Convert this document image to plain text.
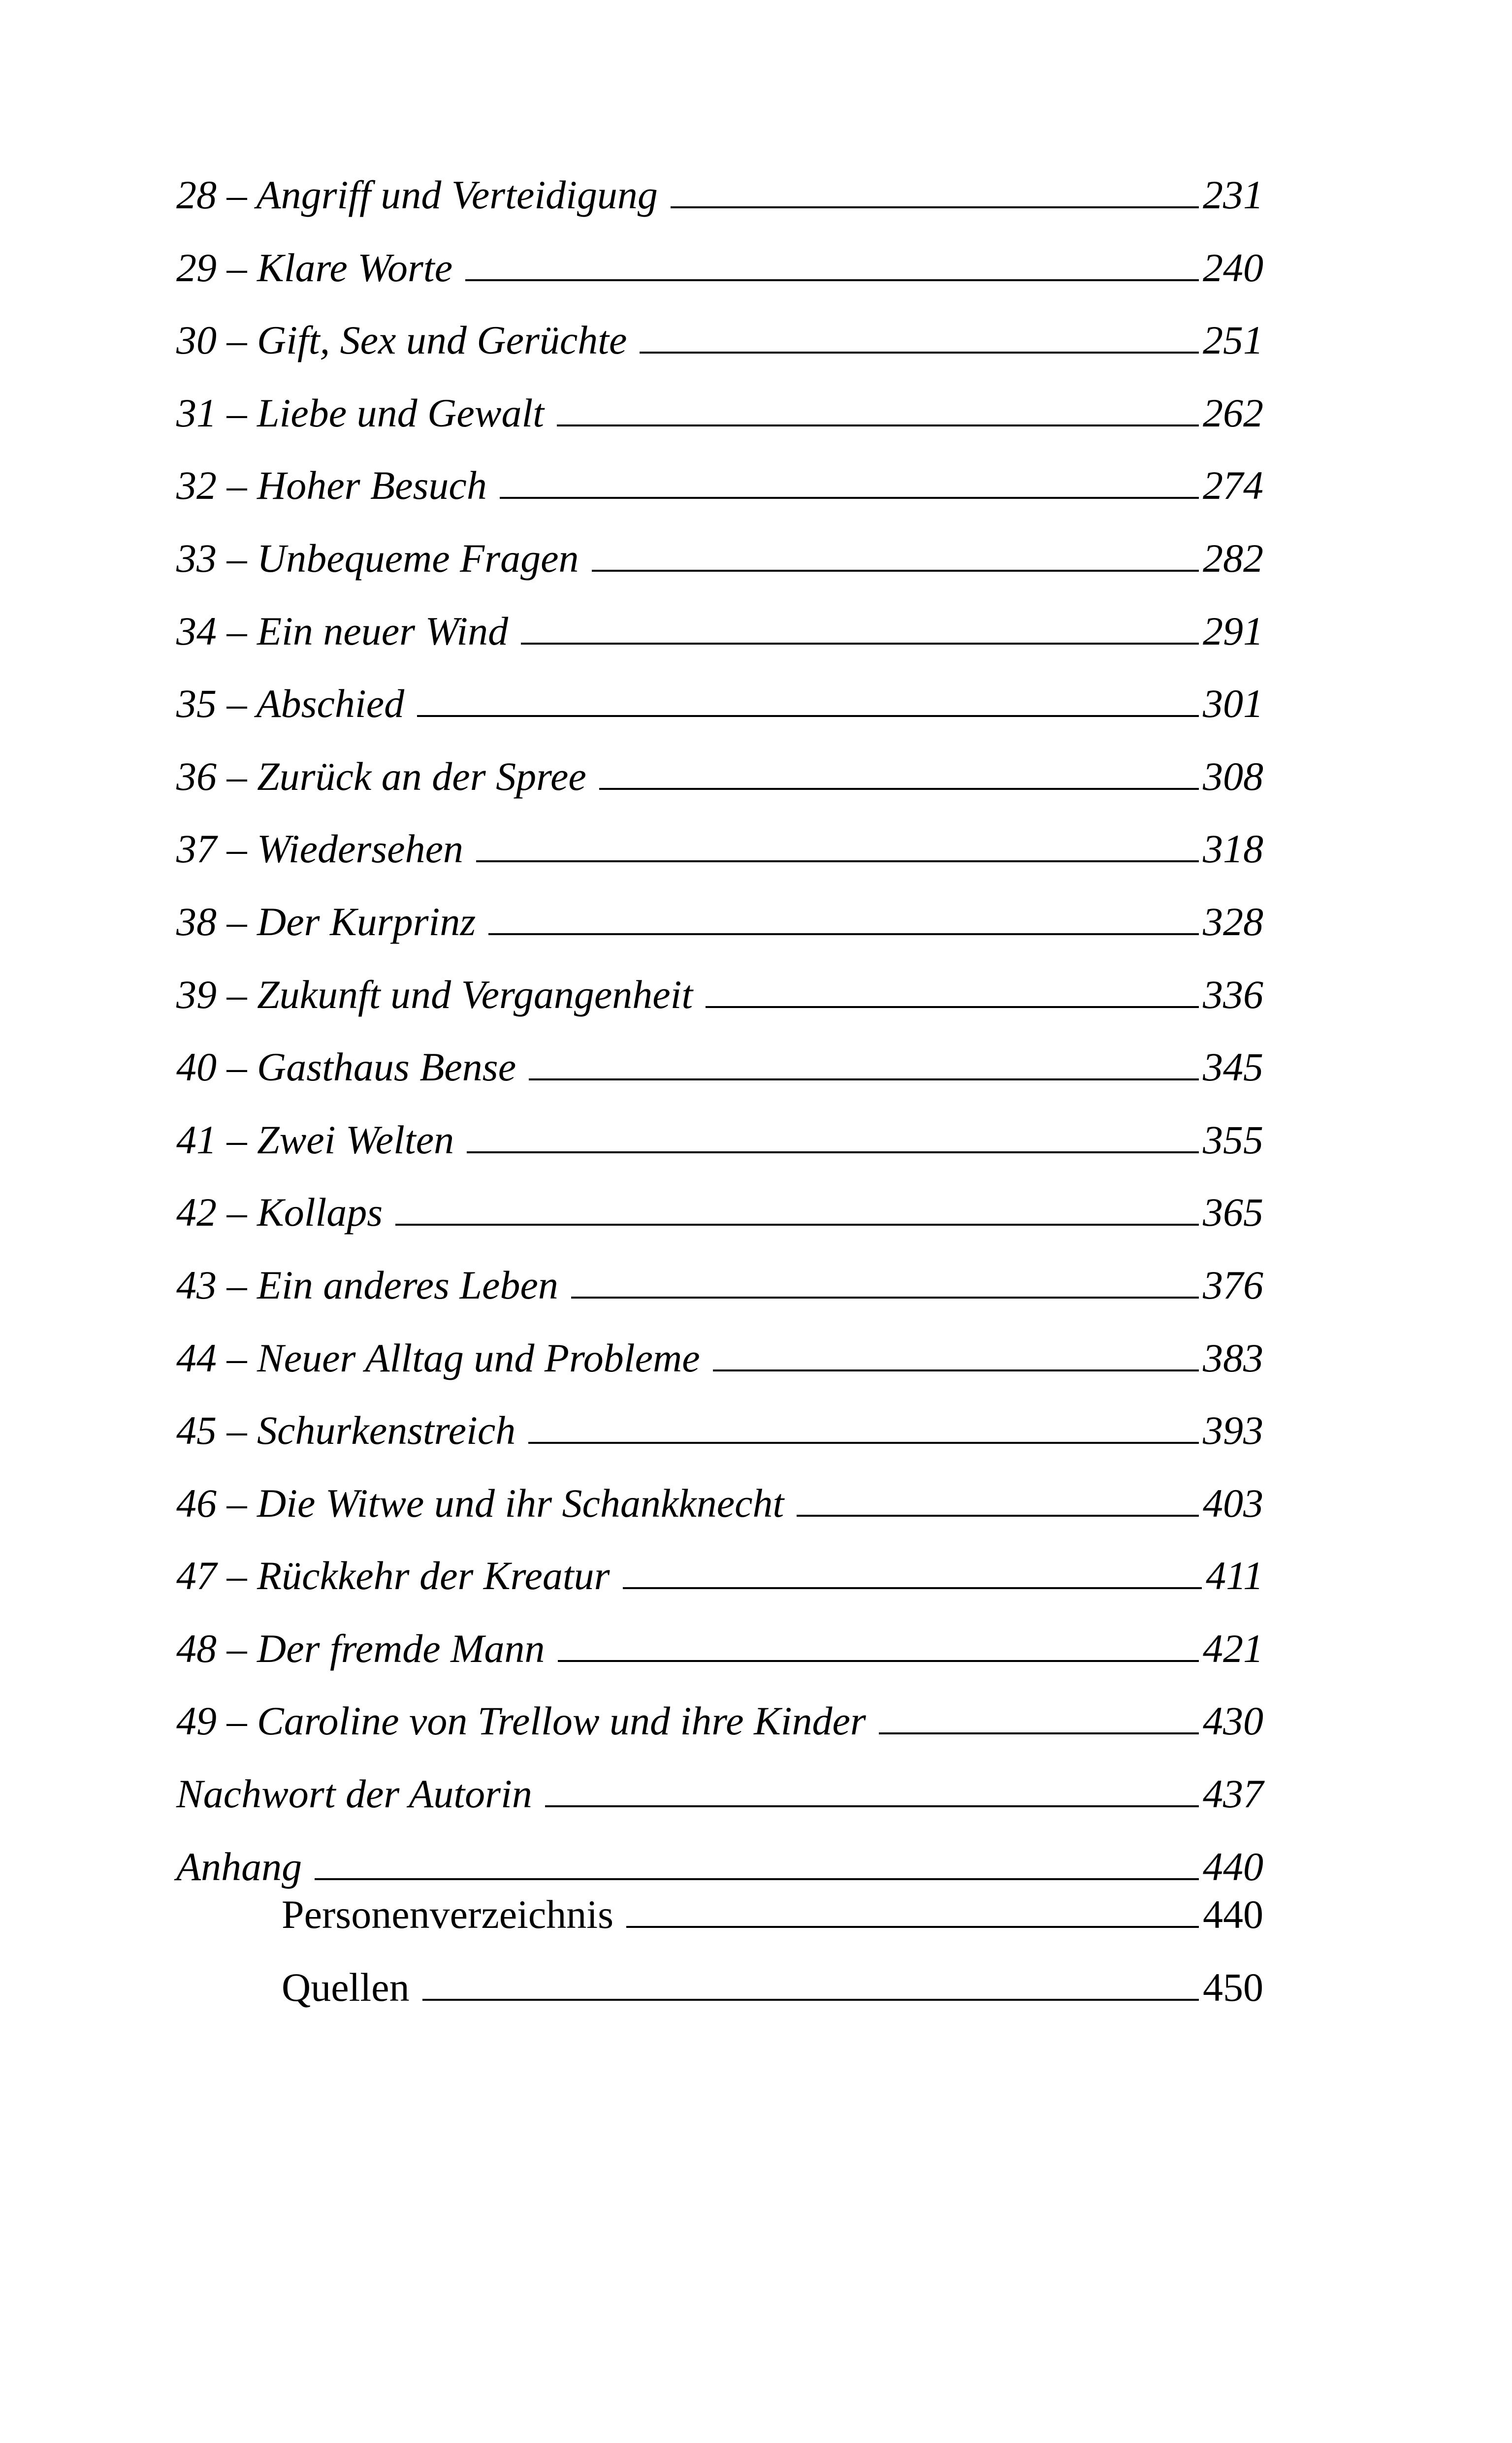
28 – Angriff und Verteidigung	231
29 – Klare Worte	240
30 – Gift, Sex und Gerüchte	251
31 – Liebe und Gewalt	262
32 – Hoher Besuch	274
33 – Unbequeme Fragen	282
34 – Ein neuer Wind	291
35 – Abschied	301
36 – Zurück an der Spree	308
37 – Wiedersehen	318
38 – Der Kurprinz	328
39 – Zukunft und Vergangenheit	336
40 – Gasthaus Bense	345
41 – Zwei Welten	355
42 – Kollaps	365
43 – Ein anderes Leben	376
44 – Neuer Alltag und Probleme	383
45 – Schurkenstreich	393
46 – Die Witwe und ihr Schankknecht	403
47 – Rückkehr der Kreatur	411
48 – Der fremde Mann	421
49 – Caroline von Trellow und ihre Kinder	430
Nachwort der Autorin	437
Anhang	440
Personenverzeichnis	440
Quellen	450
